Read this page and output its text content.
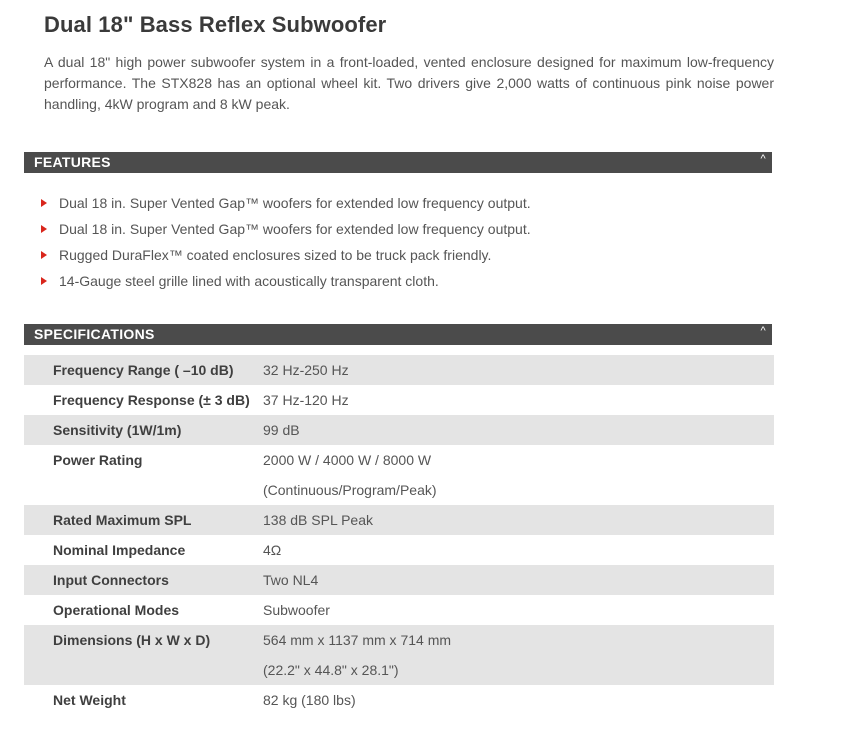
Dual 18" Bass Reflex Subwoofer

A dual 18" high power subwoofer system in a front-loaded, vented enclosure designed for maximum low-frequency performance. The STX828 has an optional wheel kit. Two drivers give 2,000 watts of continuous pink noise power handling, 4kW program and 8 kW peak.

FEATURES	^
Dual 18 in. Super Vented Gap™ woofers for extended low frequency output.
Dual 18 in. Super Vented Gap™ woofers for extended low frequency output.
Rugged DuraFlex™ coated enclosures sized to be truck pack friendly.
14-Gauge steel grille lined with acoustically transparent cloth.
SPECIFICATIONS	^
Frequency Range ( –10 dB) 32 Hz-250 Hz
Frequency Response (± 3 dB) 37 Hz-120 Hz
Sensitivity (1W/1m)	99 dB
Power Rating	2000 W / 4000 W / 8000 W
(Continuous/Program/Peak)
Rated Maximum SPL	138 dB SPL Peak
Nominal Impedance	4Ω
Input Connectors	Two NL4
Operational Modes	Subwoofer
Dimensions (H x W x D)	564 mm x 1137 mm x 714 mm
(22.2" x 44.8" x 28.1")
Net Weight	82 kg (180 lbs)
